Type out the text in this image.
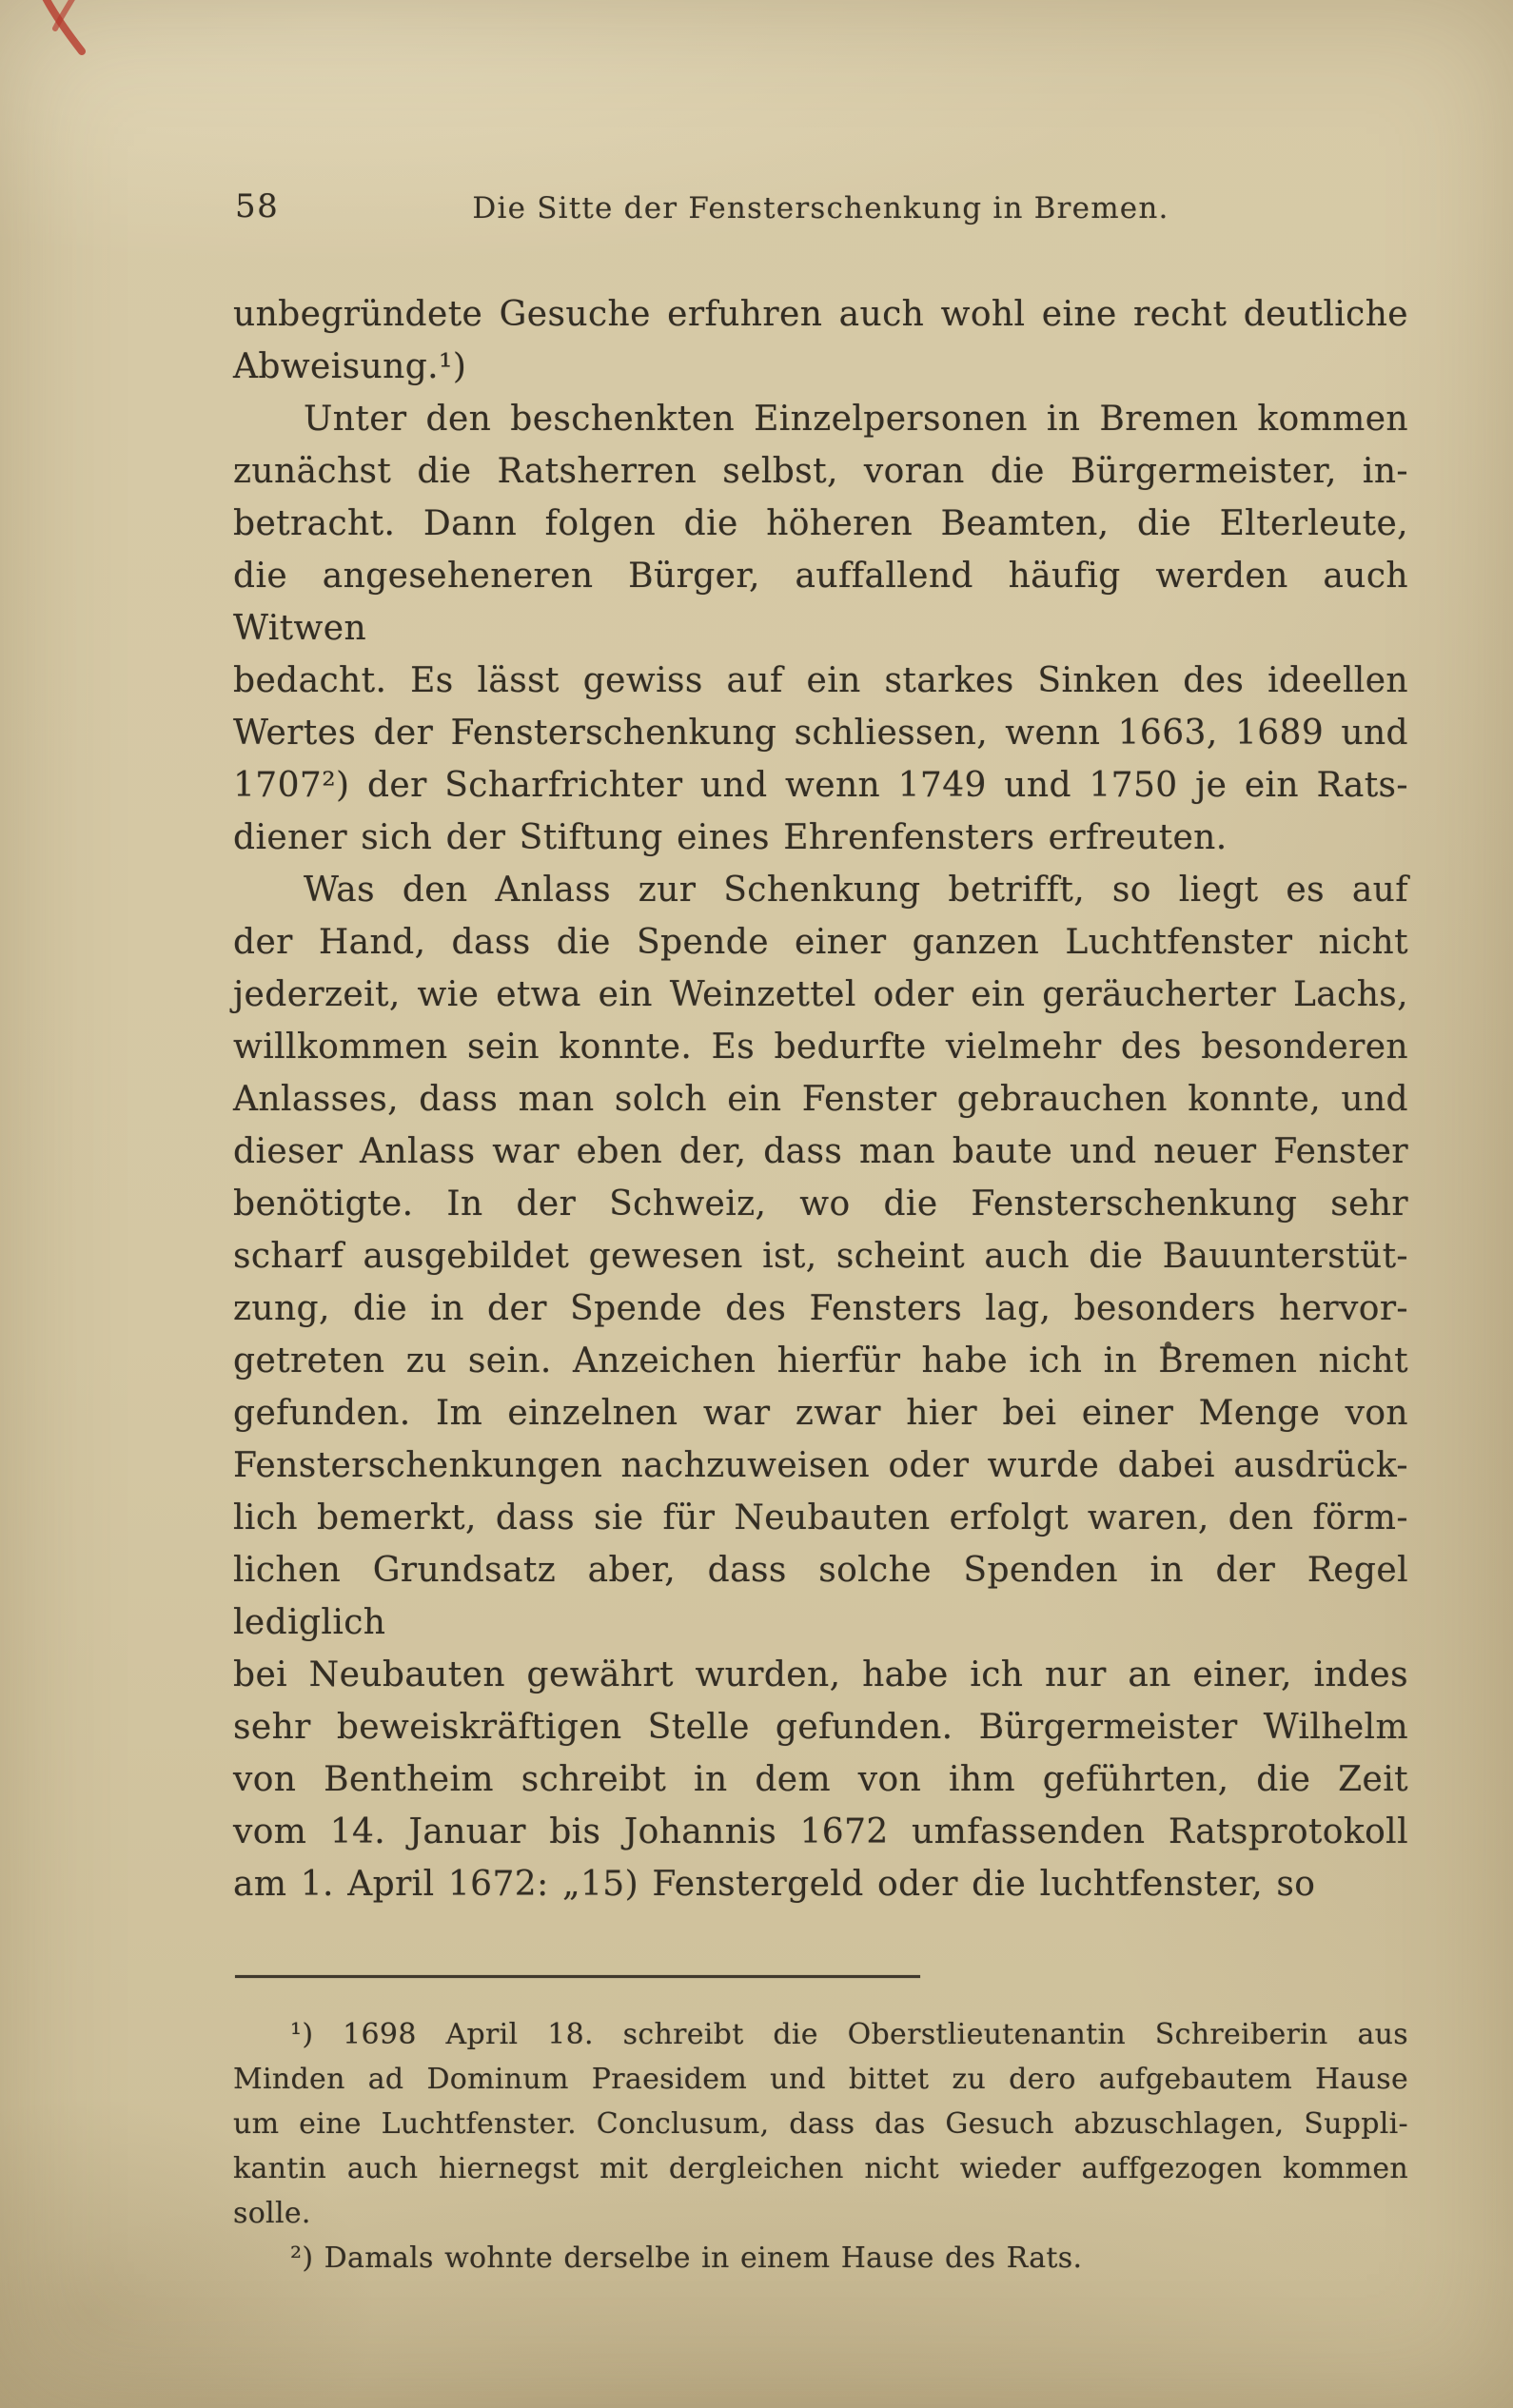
58	Die Sitte der Fensterschenkung in Bremen.
unbegründete Gesuche erfuhren auch wohl eine recht deutliche
Abweisung.¹)
Unter den beschenkten Einzelpersonen in Bremen kommen
zunächst die Ratsherren selbst, voran die Bürgermeister, in-
betracht. Dann folgen die höheren Beamten, die Elterleute,
die angeseheneren Bürger, auffallend häufig werden auch Witwen
bedacht. Es lässt gewiss auf ein starkes Sinken des ideellen
Wertes der Fensterschenkung schliessen, wenn 1663, 1689 und
1707²) der Scharfrichter und wenn 1749 und 1750 je ein Rats-
diener sich der Stiftung eines Ehrenfensters erfreuten.
Was den Anlass zur Schenkung betrifft, so liegt es auf
der Hand, dass die Spende einer ganzen Luchtfenster nicht
jederzeit, wie etwa ein Weinzettel oder ein geräucherter Lachs,
willkommen sein konnte. Es bedurfte vielmehr des besonderen
Anlasses, dass man solch ein Fenster gebrauchen konnte, und
dieser Anlass war eben der, dass man baute und neuer Fenster
benötigte. In der Schweiz, wo die Fensterschenkung sehr
scharf ausgebildet gewesen ist, scheint auch die Bauunterstüt-
zung, die in der Spende des Fensters lag, besonders hervor-
getreten zu sein. Anzeichen hierfür habe ich in Bremen nicht
gefunden. Im einzelnen war zwar hier bei einer Menge von
Fensterschenkungen nachzuweisen oder wurde dabei ausdrück-
lich bemerkt, dass sie für Neubauten erfolgt waren, den förm-
lichen Grundsatz aber, dass solche Spenden in der Regel lediglich
bei Neubauten gewährt wurden, habe ich nur an einer, indes
sehr beweiskräftigen Stelle gefunden. Bürgermeister Wilhelm
von Bentheim schreibt in dem von ihm geführten, die Zeit
vom 14. Januar bis Johannis 1672 umfassenden Ratsprotokoll
am 1. April 1672: „15) Fenstergeld oder die luchtfenster, so
¹) 1698 April 18. schreibt die Oberstlieutenantin Schreiberin aus
Minden ad Dominum Praesidem und bittet zu dero aufgebautem Hause
um eine Luchtfenster. Conclusum, dass das Gesuch abzuschlagen, Suppli-
kantin auch hiernegst mit dergleichen nicht wieder auffgezogen kommen solle.
²) Damals wohnte derselbe in einem Hause des Rats.
